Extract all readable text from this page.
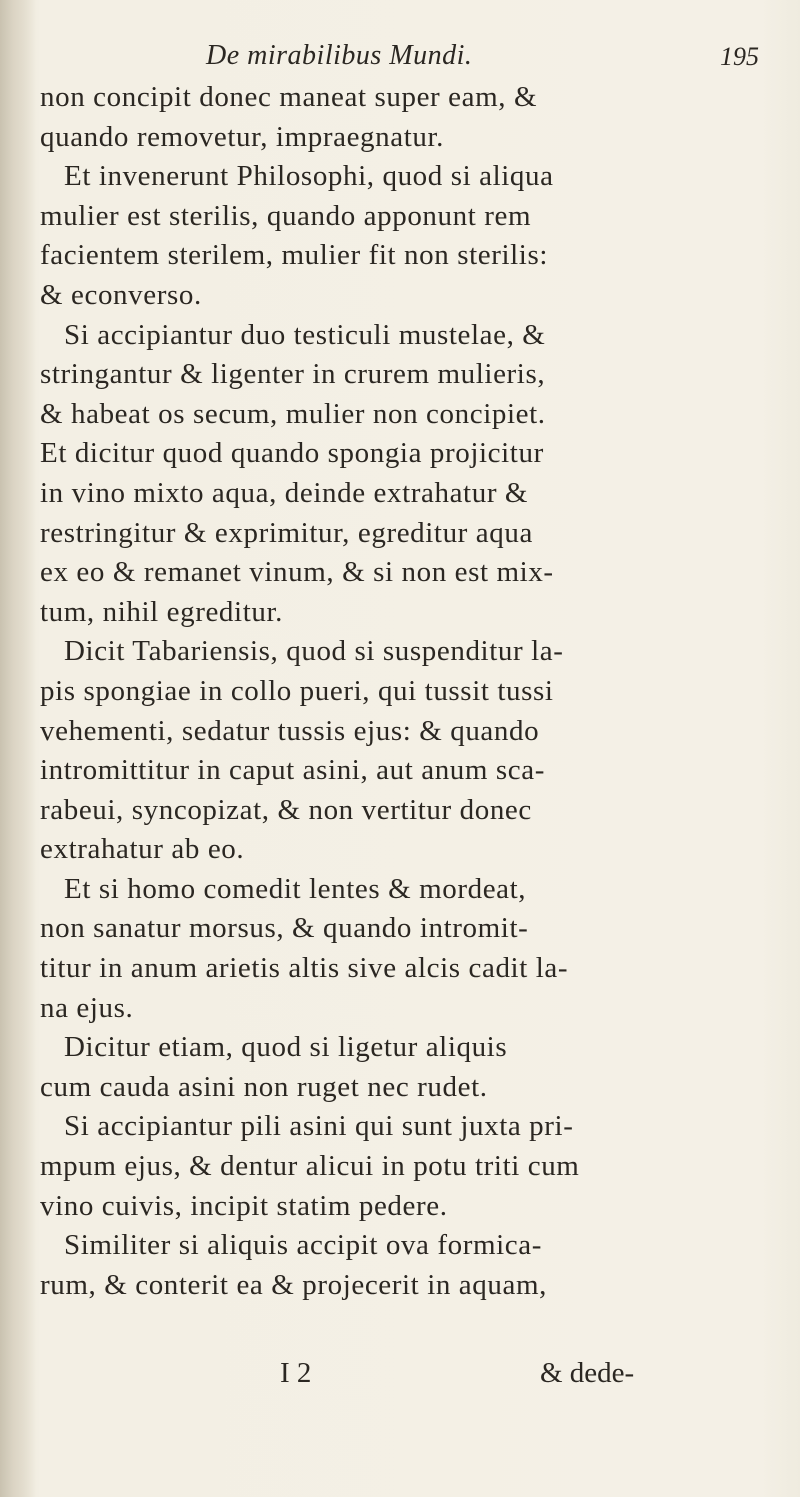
De mirabilibus Mundi.	195
non concipit donec maneat super eam, &
quando removetur, impraegnatur.
Et invenerunt Philosophi, quod si aliqua
mulier est sterilis, quando apponunt rem
facientem sterilem, mulier fit non sterilis:
& econverso.
Si accipiantur duo testiculi mustelae, &
stringantur & ligenter in crurem mulieris,
& habeat os secum, mulier non concipiet.
Et dicitur quod quando spongia projicitur
in vino mixto aqua, deinde extrahatur &
restringitur & exprimitur, egreditur aqua
ex eo & remanet vinum, & si non est mix-
tum, nihil egreditur.
Dicit Tabariensis, quod si suspenditur la-
pis spongiae in collo pueri, qui tussit tussi
vehementi, sedatur tussis ejus: & quando
intromittitur in caput asini, aut anum sca-
rabeui, syncopizat, & non vertitur donec
extrahatur ab eo.
Et si homo comedit lentes & mordeat,
non sanatur morsus, & quando intromit-
titur in anum arietis altis sive alcis cadit la-
na ejus.
Dicitur etiam, quod si ligetur aliquis
cum cauda asini non ruget nec rudet.
Si accipiantur pili asini qui sunt juxta pri-
mpum ejus, & dentur alicui in potu triti cum
vino cuivis, incipit statim pedere.
Similiter si aliquis accipit ova formica-
rum, & conterit ea & projecerit in aquam,
I 2	& dede-
